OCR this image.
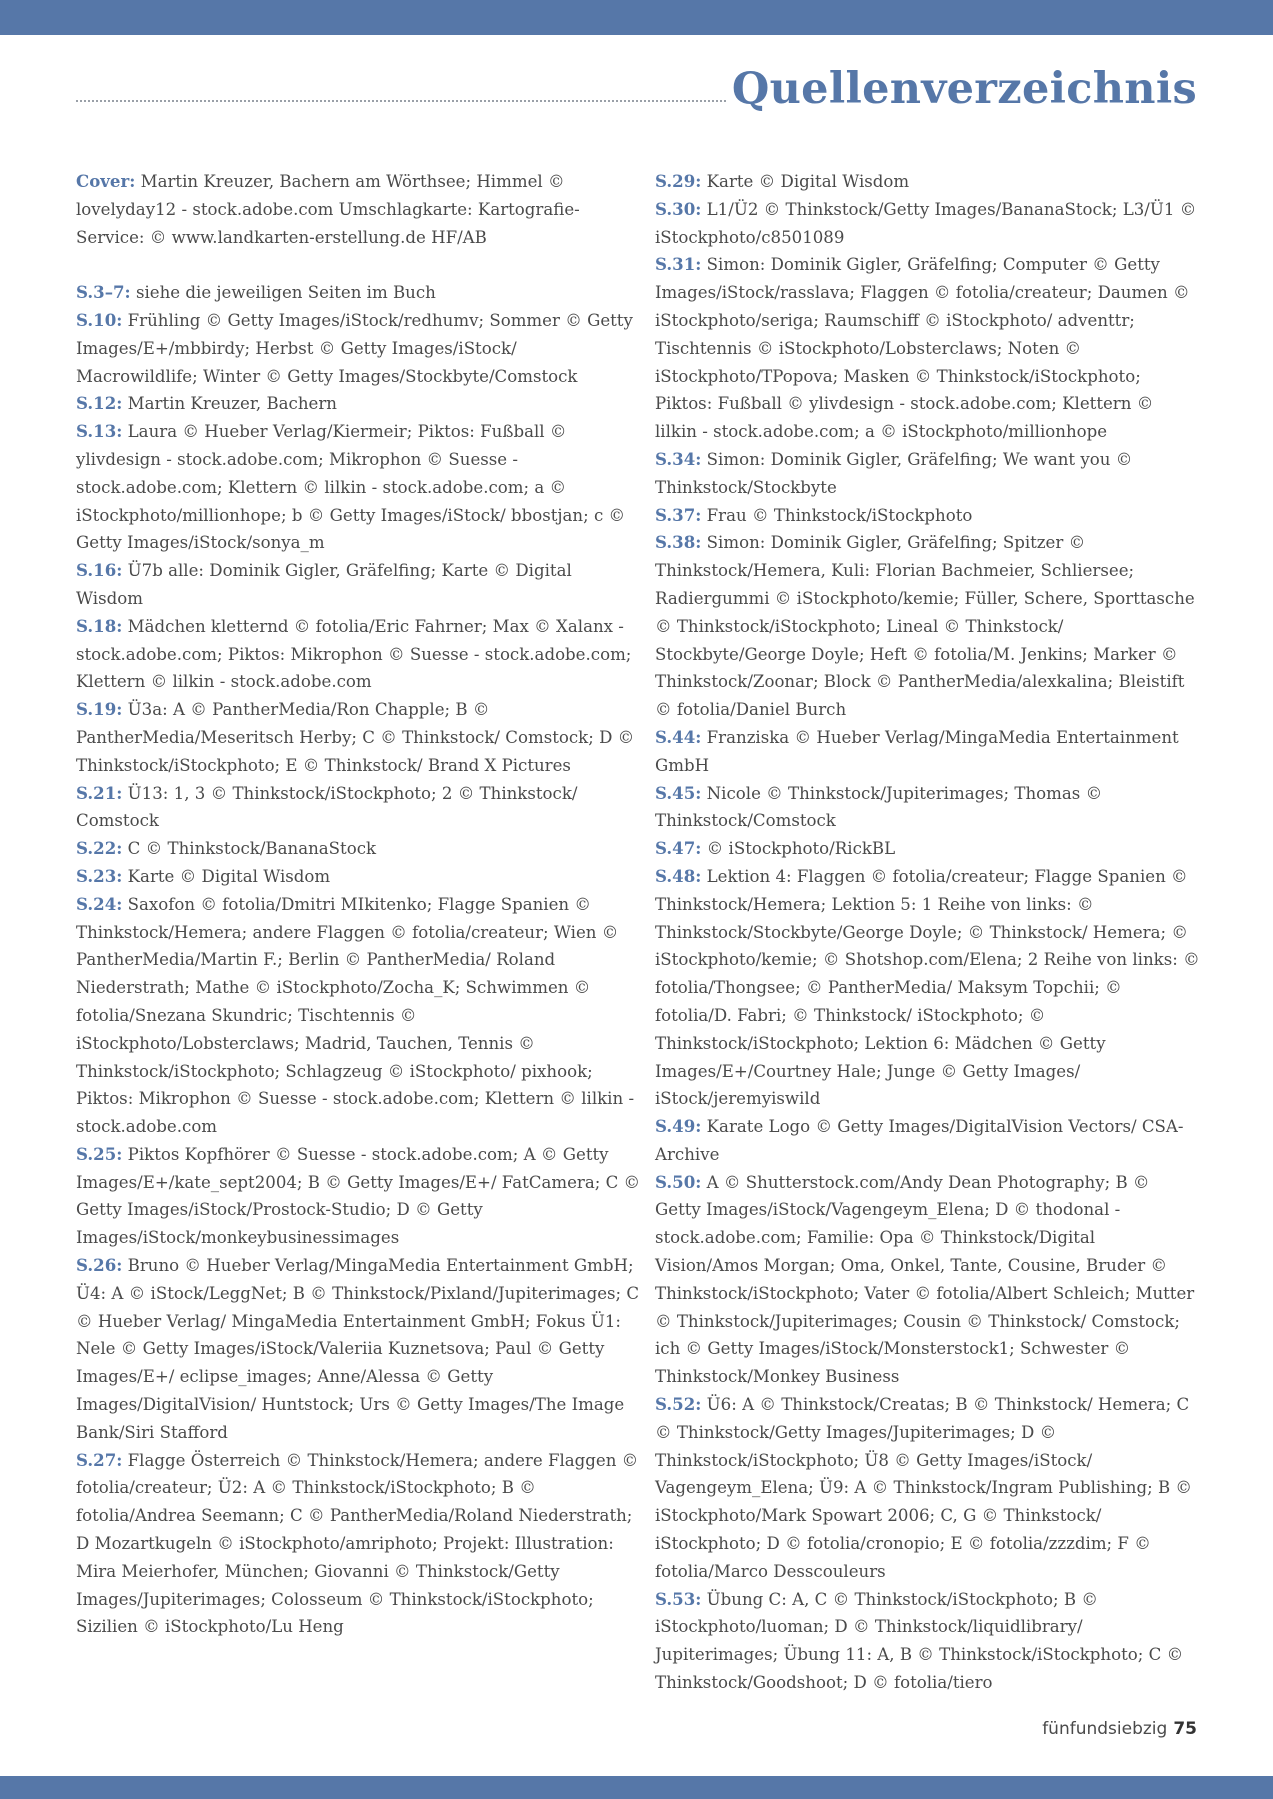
Quellenverzeichnis

Cover: Martin Kreuzer, Bachern am Wörthsee; Himmel © lovelyday12 - stock.adobe.com Umschlagkarte: Kartografie-Service: © www.landkarten-erstellung.de HF/AB

S.3–7: siehe die jeweiligen Seiten im Buch

S.10: Frühling © Getty Images/iStock/redhumv; Sommer © Getty Images/E+/mbbirdy; Herbst © Getty Images/iStock/ Macrowildlife; Winter © Getty Images/Stockbyte/Comstock

S.12: Martin Kreuzer, Bachern

S.13: Laura © Hueber Verlag/Kiermeir; Piktos: Fußball © ylivdesign - stock.adobe.com; Mikrophon © Suesse - stock.adobe.com; Klettern © lilkin - stock.adobe.com; a © iStockphoto/millionhope; b © Getty Images/iStock/ bbostjan; c © Getty Images/iStock/sonya_m

S.16: Ü7b alle: Dominik Gigler, Gräfelfing; Karte © Digital Wisdom

S.18: Mädchen kletternd © fotolia/Eric Fahrner; Max © Xalanx - stock.adobe.com; Piktos: Mikrophon © Suesse - stock.adobe.com; Klettern © lilkin - stock.adobe.com

S.19: Ü3a: A © PantherMedia/Ron Chapple; B © PantherMedia/Meseritsch Herby; C © Thinkstock/ Comstock; D © Thinkstock/iStockphoto; E © Thinkstock/ Brand X Pictures

S.21: Ü13: 1, 3 © Thinkstock/iStockphoto; 2 © Thinkstock/ Comstock

S.22: C © Thinkstock/BananaStock

S.23: Karte © Digital Wisdom

S.24: Saxofon © fotolia/Dmitri MIkitenko; Flagge Spanien © Thinkstock/Hemera; andere Flaggen © fotolia/createur; Wien © PantherMedia/Martin F.; Berlin © PantherMedia/ Roland Niederstrath; Mathe © iStockphoto/Zocha_K; Schwimmen © fotolia/Snezana Skundric; Tischtennis © iStockphoto/Lobsterclaws; Madrid, Tauchen, Tennis © Thinkstock/iStockphoto; Schlagzeug © iStockphoto/ pixhook; Piktos: Mikrophon © Suesse - stock.adobe.com; Klettern © lilkin - stock.adobe.com

S.25: Piktos Kopfhörer © Suesse - stock.adobe.com; A © Getty Images/E+/kate_sept2004; B © Getty Images/E+/ FatCamera; C © Getty Images/iStock/Prostock-Studio; D © Getty Images/iStock/monkeybusinessimages

S.26: Bruno © Hueber Verlag/MingaMedia Entertainment GmbH; Ü4: A © iStock/LeggNet; B © Thinkstock/Pixland/Jupiterimages; C © Hueber Verlag/ MingaMedia Entertainment GmbH; Fokus Ü1: Nele © Getty Images/iStock/Valeriia Kuznetsova; Paul © Getty Images/E+/ eclipse_images; Anne/Alessa © Getty Images/DigitalVision/ Huntstock; Urs © Getty Images/The Image Bank/Siri Stafford

S.27: Flagge Österreich © Thinkstock/Hemera; andere Flaggen © fotolia/createur; Ü2: A © Thinkstock/iStockphoto; B © fotolia/Andrea Seemann; C © PantherMedia/Roland Niederstrath; D Mozartkugeln © iStockphoto/amriphoto; Projekt: Illustration: Mira Meierhofer, München; Giovanni © Thinkstock/Getty Images/Jupiterimages; Colosseum © Thinkstock/iStockphoto; Sizilien © iStockphoto/Lu Heng

S.29: Karte © Digital Wisdom

S.30: L1/Ü2 © Thinkstock/Getty Images/BananaStock; L3/Ü1 © iStockphoto/c8501089

S.31: Simon: Dominik Gigler, Gräfelfing; Computer © Getty Images/iStock/rasslava; Flaggen © fotolia/createur; Daumen © iStockphoto/seriga; Raumschiff © iStockphoto/ adventtr; Tischtennis © iStockphoto/Lobsterclaws; Noten © iStockphoto/TPopova; Masken © Thinkstock/iStockphoto; Piktos: Fußball © ylivdesign - stock.adobe.com; Klettern © lilkin - stock.adobe.com; a © iStockphoto/millionhope

S.34: Simon: Dominik Gigler, Gräfelfing; We want you © Thinkstock/Stockbyte

S.37: Frau © Thinkstock/iStockphoto

S.38: Simon: Dominik Gigler, Gräfelfing; Spitzer © Thinkstock/Hemera, Kuli: Florian Bachmeier, Schliersee; Radiergummi © iStockphoto/kemie; Füller, Schere, Sporttasche © Thinkstock/iStockphoto; Lineal © Thinkstock/ Stockbyte/George Doyle; Heft © fotolia/M. Jenkins; Marker © Thinkstock/Zoonar; Block © PantherMedia/alexkalina; Bleistift © fotolia/Daniel Burch

S.44: Franziska © Hueber Verlag/MingaMedia Entertainment GmbH

S.45: Nicole © Thinkstock/Jupiterimages; Thomas © Thinkstock/Comstock

S.47: © iStockphoto/RickBL

S.48: Lektion 4: Flaggen © fotolia/createur; Flagge Spanien © Thinkstock/Hemera; Lektion 5: 1 Reihe von links: © Thinkstock/Stockbyte/George Doyle; © Thinkstock/ Hemera; © iStockphoto/kemie; © Shotshop.com/Elena; 2 Reihe von links: © fotolia/Thongsee; © PantherMedia/ Maksym Topchii; © fotolia/D. Fabri; © Thinkstock/ iStockphoto; © Thinkstock/iStockphoto; Lektion 6: Mädchen © Getty Images/E+/Courtney Hale; Junge © Getty Images/ iStock/jeremyiswild

S.49: Karate Logo © Getty Images/DigitalVision Vectors/ CSA-Archive

S.50: A © Shutterstock.com/Andy Dean Photography; B © Getty Images/iStock/Vagengeym_Elena; D © thodonal - stock.adobe.com; Familie: Opa © Thinkstock/Digital Vision/Amos Morgan; Oma, Onkel, Tante, Cousine, Bruder © Thinkstock/iStockphoto; Vater © fotolia/Albert Schleich; Mutter © Thinkstock/Jupiterimages; Cousin © Thinkstock/ Comstock; ich © Getty Images/iStock/Monsterstock1; Schwester © Thinkstock/Monkey Business

S.52: Ü6: A © Thinkstock/Creatas; B © Thinkstock/ Hemera; C © Thinkstock/Getty Images/Jupiterimages; D © Thinkstock/iStockphoto; Ü8 © Getty Images/iStock/ Vagengeym_Elena; Ü9: A © Thinkstock/Ingram Publishing; B © iStockphoto/Mark Spowart 2006; C, G © Thinkstock/ iStockphoto; D © fotolia/cronopio; E © fotolia/zzzdim; F © fotolia/Marco Desscouleurs

S.53: Übung C: A, C © Thinkstock/iStockphoto; B © iStockphoto/luoman; D © Thinkstock/liquidlibrary/ Jupiterimages; Übung 11: A, B © Thinkstock/iStockphoto; C © Thinkstock/Goodshoot; D © fotolia/tiero

fünfundsiebzig 75
